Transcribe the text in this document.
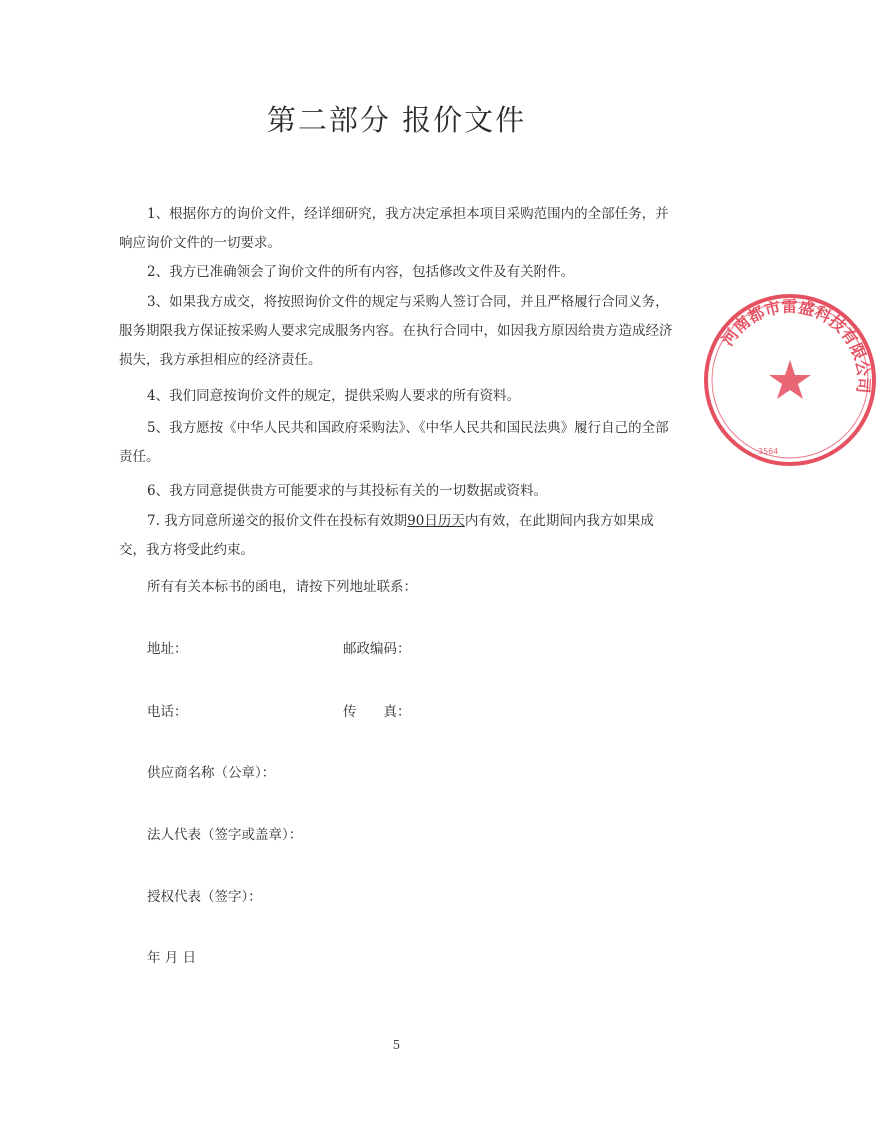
第二部分 报价文件

1、根据你方的询价文件，经详细研究，我方决定承担本项目采购范围内的全部任务，并响应询价文件的一切要求。

2、我方已准确领会了询价文件的所有内容，包括修改文件及有关附件。

3、如果我方成交，将按照询价文件的规定与采购人签订合同，并且严格履行合同义务，服务期限我方保证按采购人要求完成服务内容。在执行合同中，如因我方原因给贵方造成经济损失，我方承担相应的经济责任。

4、我们同意按询价文件的规定，提供采购人要求的所有资料。

5、我方愿按《中华人民共和国政府采购法》、《中华人民共和国民法典》履行自己的全部责任。

6、我方同意提供贵方可能要求的与其投标有关的一切数据或资料。

7. 我方同意所递交的报价文件在投标有效期90日历天内有效，在此期间内我方如果成交，我方将受此约束。

所有有关本标书的函电，请按下列地址联系：
地址：	邮政编码：
电话：	传　　真：
供应商名称（公章）：
法人代表（签字或盖章）：
授权代表（签字）：
年 月 日
5
河南都市雷盛科技有限公司
3564
